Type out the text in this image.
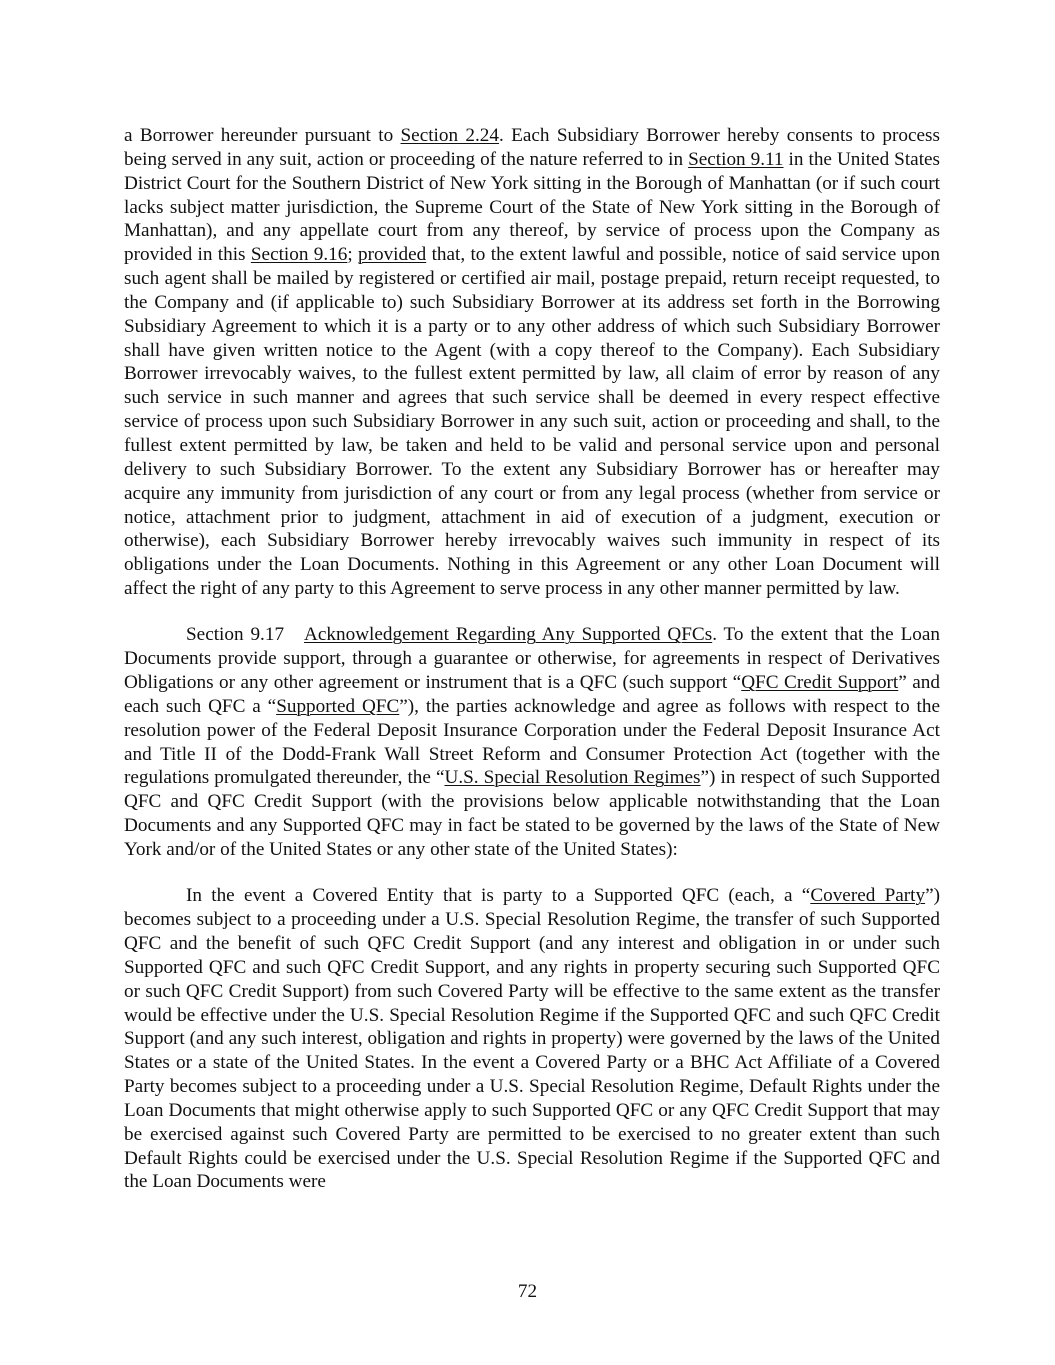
a Borrower hereunder pursuant to Section 2.24. Each Subsidiary Borrower hereby consents to process being served in any suit, action or proceeding of the nature referred to in Section 9.11 in the United States District Court for the Southern District of New York sitting in the Borough of Manhattan (or if such court lacks subject matter jurisdiction, the Supreme Court of the State of New York sitting in the Borough of Manhattan), and any appellate court from any thereof, by service of process upon the Company as provided in this Section 9.16; provided that, to the extent lawful and possible, notice of said service upon such agent shall be mailed by registered or certified air mail, postage prepaid, return receipt requested, to the Company and (if applicable to) such Subsidiary Borrower at its address set forth in the Borrowing Subsidiary Agreement to which it is a party or to any other address of which such Subsidiary Borrower shall have given written notice to the Agent (with a copy thereof to the Company). Each Subsidiary Borrower irrevocably waives, to the fullest extent permitted by law, all claim of error by reason of any such service in such manner and agrees that such service shall be deemed in every respect effective service of process upon such Subsidiary Borrower in any such suit, action or proceeding and shall, to the fullest extent permitted by law, be taken and held to be valid and personal service upon and personal delivery to such Subsidiary Borrower. To the extent any Subsidiary Borrower has or hereafter may acquire any immunity from jurisdiction of any court or from any legal process (whether from service or notice, attachment prior to judgment, attachment in aid of execution of a judgment, execution or otherwise), each Subsidiary Borrower hereby irrevocably waives such immunity in respect of its obligations under the Loan Documents. Nothing in this Agreement or any other Loan Document will affect the right of any party to this Agreement to serve process in any other manner permitted by law.

Section 9.17 Acknowledgement Regarding Any Supported QFCs. To the extent that the Loan Documents provide support, through a guarantee or otherwise, for agreements in respect of Derivatives Obligations or any other agreement or instrument that is a QFC (such support “QFC Credit Support” and each such QFC a “Supported QFC”), the parties acknowledge and agree as follows with respect to the resolution power of the Federal Deposit Insurance Corporation under the Federal Deposit Insurance Act and Title II of the Dodd-Frank Wall Street Reform and Consumer Protection Act (together with the regulations promulgated thereunder, the “U.S. Special Resolution Regimes”) in respect of such Supported QFC and QFC Credit Support (with the provisions below applicable notwithstanding that the Loan Documents and any Supported QFC may in fact be stated to be governed by the laws of the State of New York and/or of the United States or any other state of the United States):

In the event a Covered Entity that is party to a Supported QFC (each, a “Covered Party”) becomes subject to a proceeding under a U.S. Special Resolution Regime, the transfer of such Supported QFC and the benefit of such QFC Credit Support (and any interest and obligation in or under such Supported QFC and such QFC Credit Support, and any rights in property securing such Supported QFC or such QFC Credit Support) from such Covered Party will be effective to the same extent as the transfer would be effective under the U.S. Special Resolution Regime if the Supported QFC and such QFC Credit Support (and any such interest, obligation and rights in property) were governed by the laws of the United States or a state of the United States. In the event a Covered Party or a BHC Act Affiliate of a Covered Party becomes subject to a proceeding under a U.S. Special Resolution Regime, Default Rights under the Loan Documents that might otherwise apply to such Supported QFC or any QFC Credit Support that may be exercised against such Covered Party are permitted to be exercised to no greater extent than such Default Rights could be exercised under the U.S. Special Resolution Regime if the Supported QFC and the Loan Documents were

72
